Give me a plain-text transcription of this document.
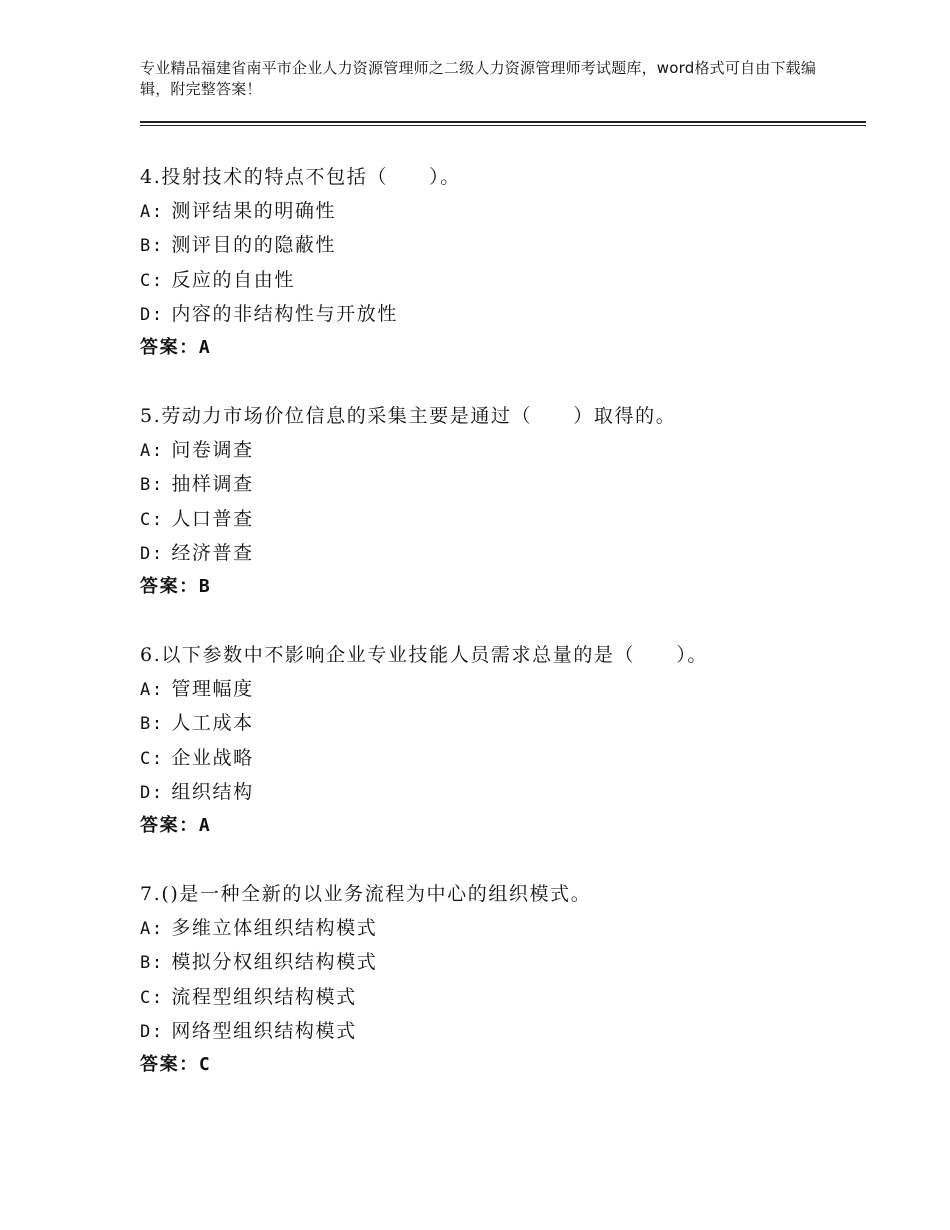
专业精品福建省南平市企业人力资源管理师之二级人力资源管理师考试题库，word格式可自由下载编辑，附完整答案！
4.投射技术的特点不包括（　　）。
A: 测评结果的明确性
B: 测评目的的隐蔽性
C: 反应的自由性
D: 内容的非结构性与开放性
答案：A
5.劳动力市场价位信息的采集主要是通过（　　）取得的。
A: 问卷调查
B: 抽样调查
C: 人口普查
D: 经济普查
答案：B
6.以下参数中不影响企业专业技能人员需求总量的是（　　）。
A: 管理幅度
B: 人工成本
C: 企业战略
D: 组织结构
答案：A
7.()是一种全新的以业务流程为中心的组织模式。
A: 多维立体组织结构模式
B: 模拟分权组织结构模式
C: 流程型组织结构模式
D: 网络型组织结构模式
答案：C
